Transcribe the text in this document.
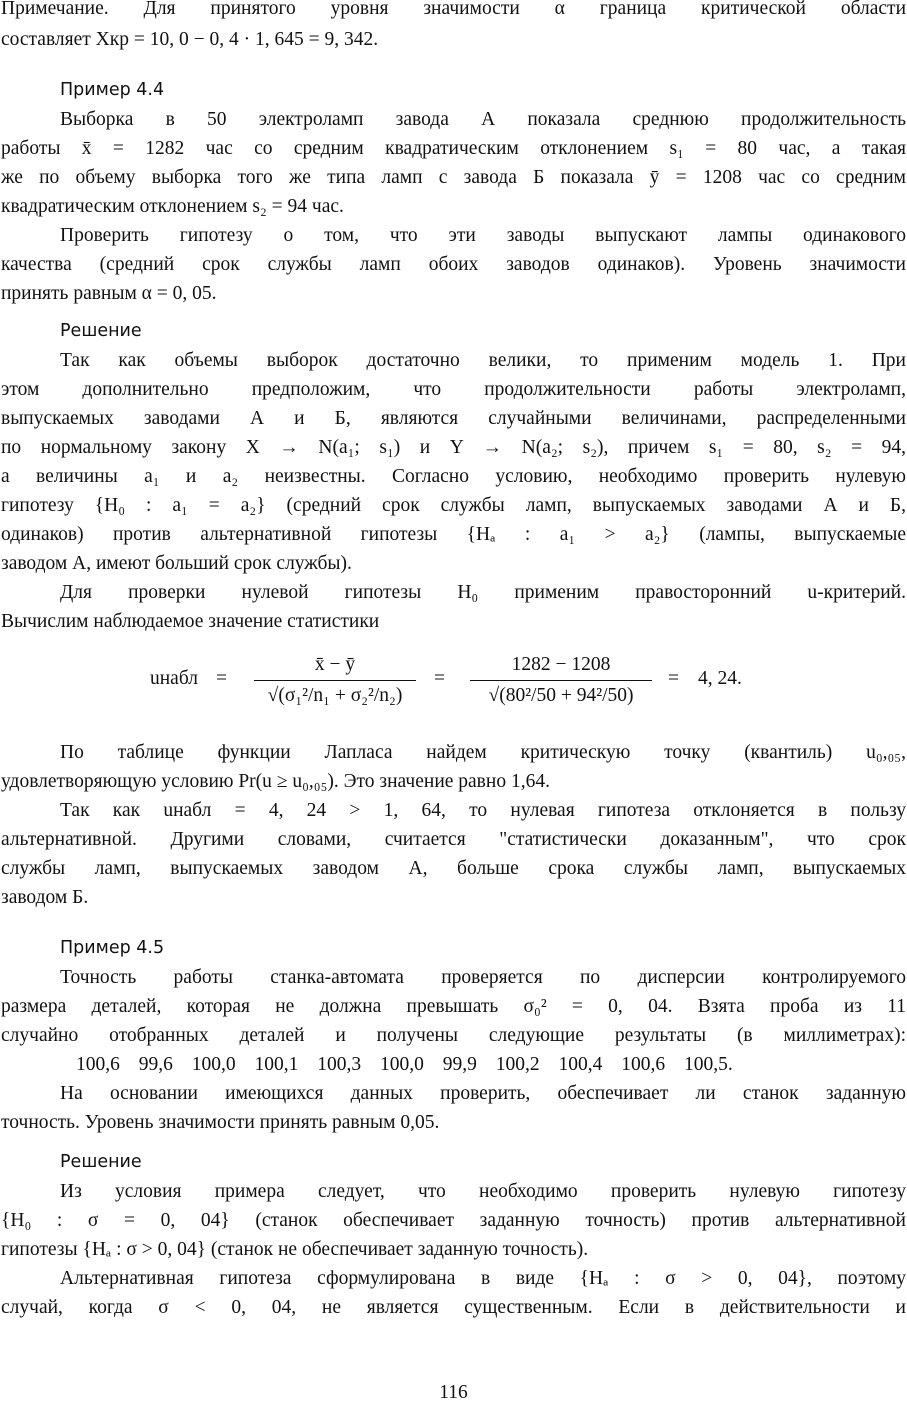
Примечание. Для принятого уровня значимости α граница критической области
составляет Xкр = 10, 0 − 0, 4 · 1, 645 = 9, 342.
Пример 4.4
Выборка в 50 электроламп завода А показала среднюю продолжительность
работы x̄ = 1282 час со средним квадратическим отклонением s₁ = 80 час, а такая
же по объему выборка того же типа ламп с завода Б показала ȳ = 1208 час со средним
квадратическим отклонением s₂ = 94 час.
Проверить гипотезу о том, что эти заводы выпускают лампы одинакового
качества (средний срок службы ламп обоих заводов одинаков). Уровень значимости
принять равным α = 0, 05.
Решение
Так как объемы выборок достаточно велики, то применим модель 1. При
этом дополнительно предположим, что продолжительности работы электроламп,
выпускаемых заводами А и Б, являются случайными величинами, распределенными
по нормальному закону X → N(a₁; s₁) и Y → N(a₂; s₂), причем s₁ = 80, s₂ = 94,
а величины a₁ и a₂ неизвестны. Согласно условию, необходимо проверить нулевую
гипотезу {H₀ : a₁ = a₂} (средний срок службы ламп, выпускаемых заводами А и Б,
одинаков) против альтернативной гипотезы {Hₐ : a₁ > a₂} (лампы, выпускаемые
заводом А, имеют больший срок службы).
Для проверки нулевой гипотезы H₀ применим правосторонний u-критерий.
Вычислим наблюдаемое значение статистики
uнабл =
x̄ − ȳ
√(σ₁²/n₁ + σ₂²/n₂)
=
1282 − 1208
√(80²/50 + 94²/50)
= 4, 24.
По таблице функции Лапласа найдем критическую точку (квантиль) u₀,₀₅,
удовлетворяющую условию Pr(u ≥ u₀,₀₅). Это значение равно 1,64.
Так как uнабл = 4, 24 > 1, 64, то нулевая гипотеза отклоняется в пользу
альтернативной. Другими словами, считается "статистически доказанным", что срок
службы ламп, выпускаемых заводом А, больше срока службы ламп, выпускаемых
заводом Б.
Пример 4.5
Точность работы станка-автомата проверяется по дисперсии контролируемого
размера деталей, которая не должна превышать σ₀² = 0, 04. Взята проба из 11
случайно отобранных деталей и получены следующие результаты (в миллиметрах):
100,6 99,6 100,0 100,1 100,3 100,0 99,9 100,2 100,4 100,6 100,5.
На основании имеющихся данных проверить, обеспечивает ли станок заданную
точность. Уровень значимости принять равным 0,05.
Решение
Из условия примера следует, что необходимо проверить нулевую гипотезу
{H₀ : σ = 0, 04} (станок обеспечивает заданную точность) против альтернативной
гипотезы {Hₐ : σ > 0, 04} (станок не обеспечивает заданную точность).
Альтернативная гипотеза сформулирована в виде {Hₐ : σ > 0, 04}, поэтому
случай, когда σ < 0, 04, не является существенным. Если в действительности и
116
